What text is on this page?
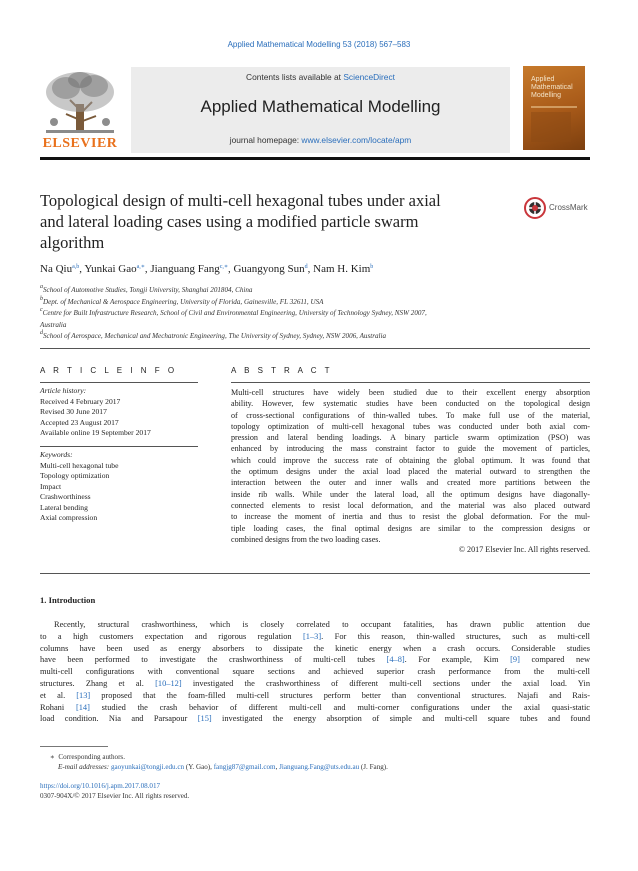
Applied Mathematical Modelling 53 (2018) 567–583
ELSEVIER
Contents lists available at ScienceDirect
Applied Mathematical Modelling
journal homepage: www.elsevier.com/locate/apm
Applied
Mathematical
Modelling
Topological design of multi-cell hexagonal tubes under axial
and lateral loading cases using a modified particle swarm
algorithm
CrossMark
Na Qiu$^{a,b}$, Yunkai Gao$^{a,∗}$, Jianguang Fang$^{c,∗}$, Guangyong Sun$^d$, Nam H. Kim$^b$
$^a$School of Automotive Studies, Tongji University, Shanghai 201804, China
$^b$Dept. of Mechanical & Aerospace Engineering, University of Florida, Gainesville, FL 32611, USA
$^c$Centre for Built Infrastructure Research, School of Civil and Environmental Engineering, University of Technology Sydney, NSW 2007,
Australia
$^d$School of Aerospace, Mechanical and Mechatronic Engineering, The University of Sydney, Sydney, NSW 2006, Australia
A R T I C L E I N F O
Article history:
Received 4 February 2017
Revised 30 June 2017
Accepted 23 August 2017
Available online 19 September 2017
Keywords:
Multi-cell hexagonal tube
Topology optimization
Impact
Crashworthiness
Lateral bending
Axial compression
A B S T R A C T
Multi-cell structures have widely been studied due to their excellent energy absorption
ability. However, few systematic studies have been conducted on the topological design
of cross-sectional configurations of thin-walled tubes. To make full use of the material,
topology optimization of multi-cell hexagonal tubes was conducted under both axial com-
pression and lateral bending loadings. A binary particle swarm optimization (PSO) was
enhanced by introducing the mass constraint factor to guide the movement of particles,
which could improve the success rate of obtaining the global optimum. It was found that
the optimum designs under the axial load placed the material outward to strengthen the
interaction between the outer and inner walls and created more partitions between the
inside rib walls. While under the lateral load, all the optimum designs have diagonally-
connected elements to resist local deformation, and the material was also placed outward
to increase the moment of inertia and thus to resist the global deformation. For the mul-
tiple loading cases, the final optimal designs are similar to the compression designs or
combined designs from the two loading cases.
© 2017 Elsevier Inc. All rights reserved.
1. Introduction
Recently, structural crashworthiness, which is closely correlated to occupant fatalities, has drawn public attention due
to a high customers expectation and rigorous regulation [1–3]. For this reason, thin-walled structures, such as multi-cell
columns have been used as energy absorbers to dissipate the kinetic energy when a crash occurs. Considerable studies
have been performed to investigate the crashworthiness of multi-cell tubes [4–8]. For example, Kim [9] compared new
multi-cell configurations with conventional square sections and achieved superior crash performance from the multi-cell
structures. Zhang et al. [10–12] investigated the crashworthiness of different multi-cell sections under the axial load. Yin
et al. [13] proposed that the foam-filled multi-cell structures perform better than conventional structures. Najafi and Rais-
Rohani [14] studied the crash behavior of different multi-cell and multi-corner configurations under the axial quasi-static
load condition. Nia and Parsapour [15] investigated the energy absorption of simple and multi-cell square tubes and found
∗  Corresponding authors.
E-mail addresses: gaoyunkai@tongji.edu.cn (Y. Gao), fangjg87@gmail.com, Jianguang.Fang@uts.edu.au (J. Fang).
https://doi.org/10.1016/j.apm.2017.08.017
0307-904X/© 2017 Elsevier Inc. All rights reserved.
